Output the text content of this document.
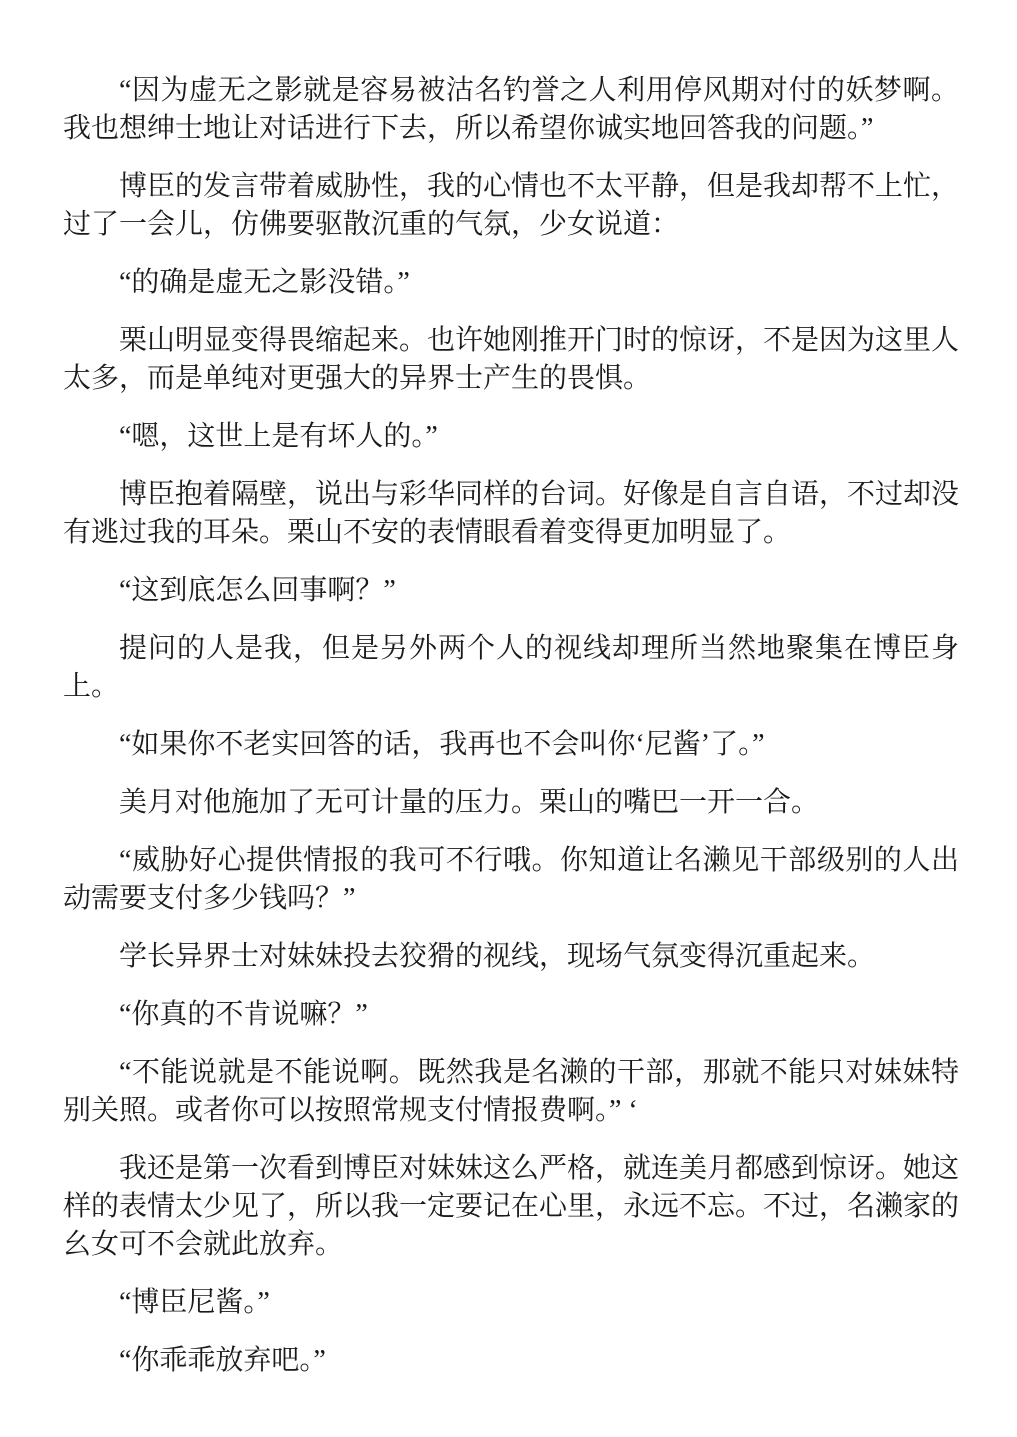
“因为虚无之影就是容易被沽名钓誉之人利用停风期对付的妖梦啊。我也想绅士地让对话进行下去，所以希望你诚实地回答我的问题。”

博臣的发言带着威胁性，我的心情也不太平静，但是我却帮不上忙，过了一会儿，仿佛要驱散沉重的气氛，少女说道：

“的确是虚无之影没错。”

栗山明显变得畏缩起来。也许她刚推开门时的惊讶，不是因为这里人太多，而是单纯对更强大的异界士产生的畏惧。

“嗯，这世上是有坏人的。”

博臣抱着隔壁，说出与彩华同样的台词。好像是自言自语，不过却没有逃过我的耳朵。栗山不安的表情眼看着变得更加明显了。

“这到底怎么回事啊？”

提问的人是我，但是另外两个人的视线却理所当然地聚集在博臣身上。

“如果你不老实回答的话，我再也不会叫你‘尼酱’了。”

美月对他施加了无可计量的压力。栗山的嘴巴一开一合。

“威胁好心提供情报的我可不行哦。你知道让名濑见干部级别的人出动需要支付多少钱吗？”

学长异界士对妹妹投去狡猾的视线，现场气氛变得沉重起来。

“你真的不肯说嘛？”

“不能说就是不能说啊。既然我是名濑的干部，那就不能只对妹妹特别关照。或者你可以按照常规支付情报费啊。” ‘

我还是第一次看到博臣对妹妹这么严格，就连美月都感到惊讶。她这样的表情太少见了，所以我一定要记在心里，永远不忘。不过，名濑家的幺女可不会就此放弃。

“博臣尼酱。”

“你乖乖放弃吧。”
